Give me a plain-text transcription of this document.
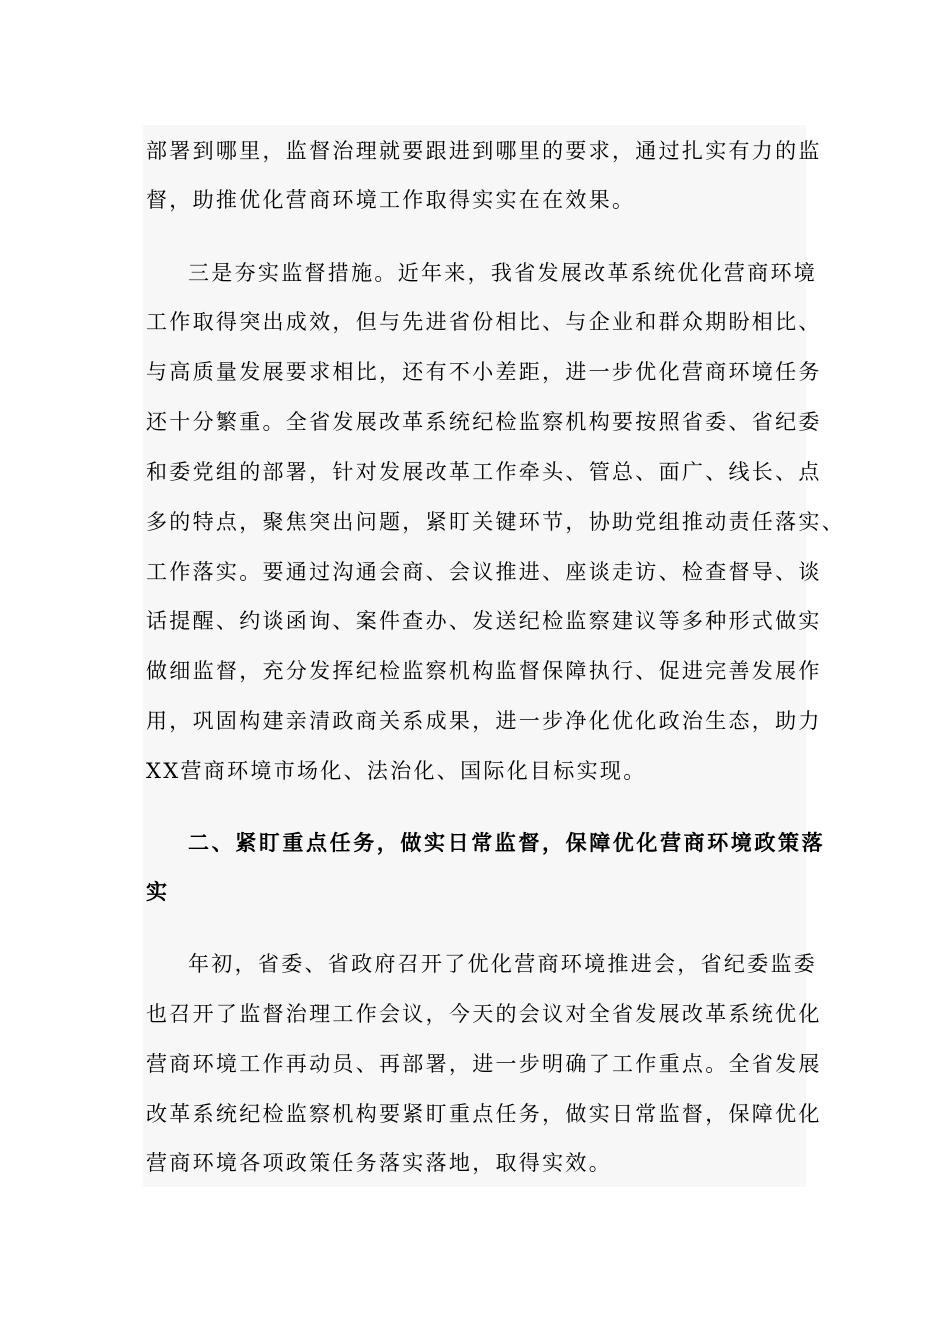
部署到哪里，监督治理就要跟进到哪里的要求，通过扎实有力的监
督，助推优化营商环境工作取得实实在在效果。
三是夯实监督措施。近年来，我省发展改革系统优化营商环境
工作取得突出成效，但与先进省份相比、与企业和群众期盼相比、
与高质量发展要求相比，还有不小差距，进一步优化营商环境任务
还十分繁重。全省发展改革系统纪检监察机构要按照省委、省纪委
和委党组的部署，针对发展改革工作牵头、管总、面广、线长、点
多的特点，聚焦突出问题，紧盯关键环节，协助党组推动责任落实、
工作落实。要通过沟通会商、会议推进、座谈走访、检查督导、谈
话提醒、约谈函询、案件查办、发送纪检监察建议等多种形式做实
做细监督，充分发挥纪检监察机构监督保障执行、促进完善发展作
用，巩固构建亲清政商关系成果，进一步净化优化政治生态，助力
XX营商环境市场化、法治化、国际化目标实现。
二、紧盯重点任务，做实日常监督，保障优化营商环境政策落
实
年初，省委、省政府召开了优化营商环境推进会，省纪委监委
也召开了监督治理工作会议，今天的会议对全省发展改革系统优化
营商环境工作再动员、再部署，进一步明确了工作重点。全省发展
改革系统纪检监察机构要紧盯重点任务，做实日常监督，保障优化
营商环境各项政策任务落实落地，取得实效。
